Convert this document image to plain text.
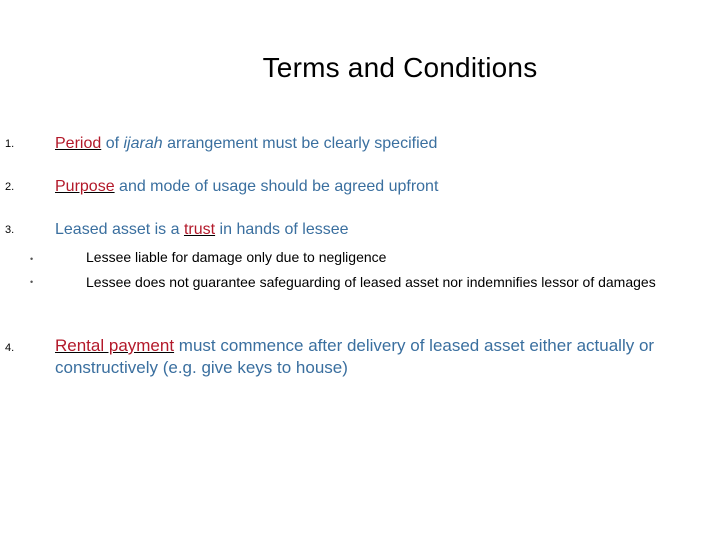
Terms and Conditions
1.	Period of ijarah arrangement must be clearly specified
2.	Purpose and mode of usage should be agreed upfront
3.	Leased asset is a trust in hands of lessee
•	Lessee liable for damage only due to negligence
•	Lessee does not guarantee safeguarding of leased asset nor indemnifies lessor of damages
4. Rental payment must commence after delivery of leased asset either actually or constructively (e.g. give keys to house)
